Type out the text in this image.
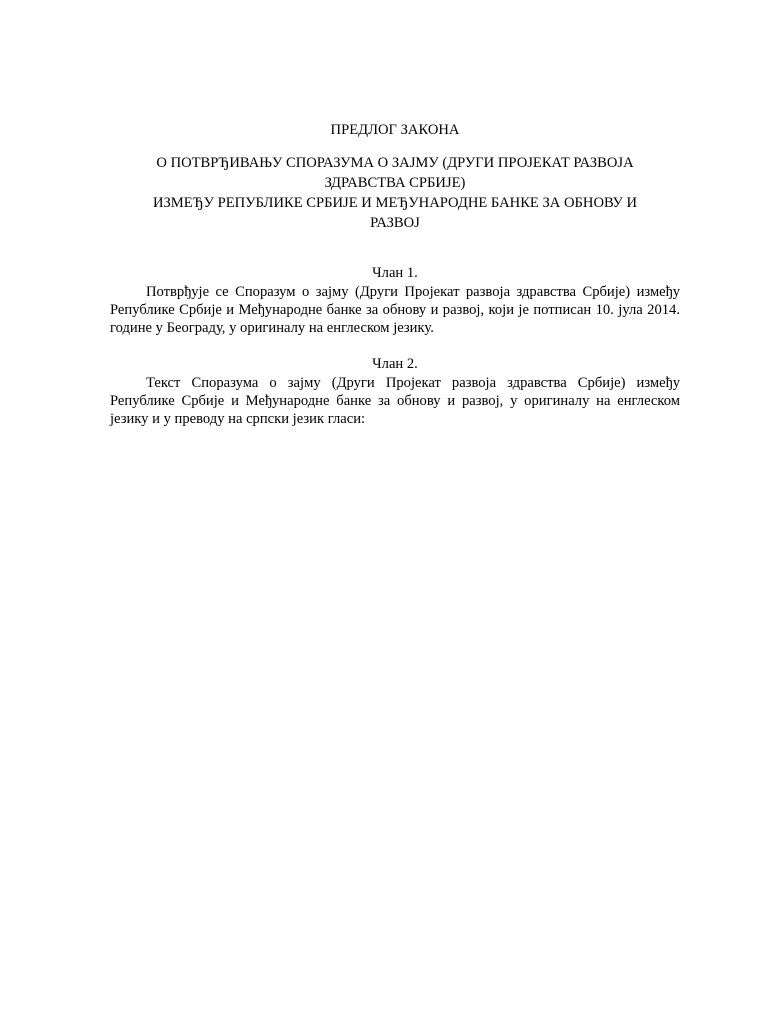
ПРЕДЛОГ ЗАКОНА
О ПОТВРЂИВАЊУ СПОРАЗУМА О ЗАЈМУ (ДРУГИ ПРОЈЕКАТ РАЗВОЈА
ЗДРАВСТВА СРБИЈЕ)
ИЗМЕЂУ РЕПУБЛИКЕ СРБИЈЕ И МЕЂУНАРОДНЕ БАНКЕ ЗА ОБНОВУ И
РАЗВОЈ
Члан 1.

Потврђује се Споразум о зајму (Други Пројекат развоја здравства Србије) између Републике Србије и Међународне банке за обнову и развој, који је потписан 10. јула 2014. године у Београду, у оригиналу на енглеском језику.

Члан 2.

Текст Споразума о зајму (Други Пројекат развоја здравства Србије) између Републике Србије и Међународне банке за обнову и развој, у оригиналу на енглеском језику и у преводу на српски језик гласи:
